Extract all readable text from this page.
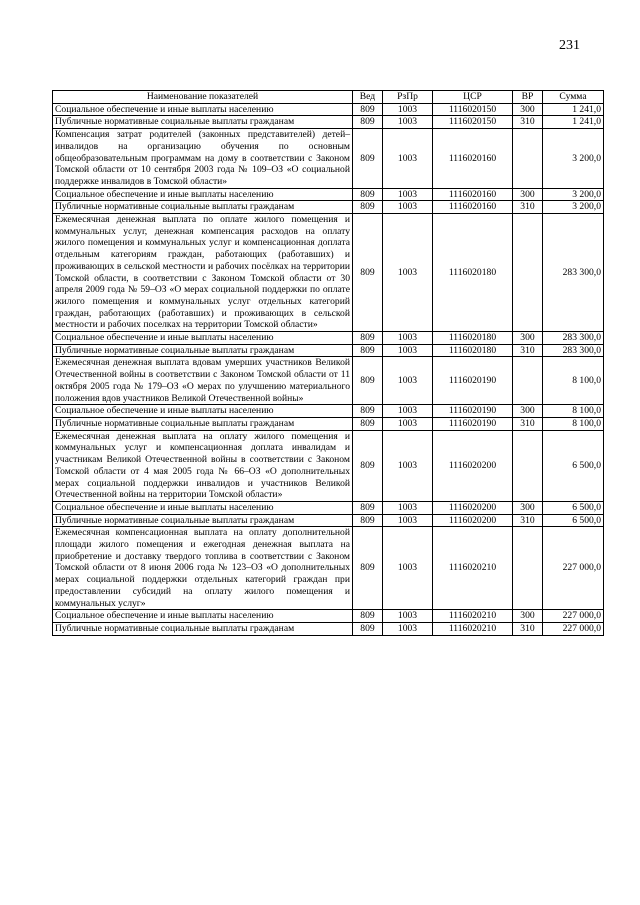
231
Наименование показателей	Вед	РзПр	ЦСР	ВР	Сумма
Социальное обеспечение и иные выплаты населению	809	1003	1116020150	300	1 241,0
Публичные нормативные социальные выплаты гражданам	809	1003	1116020150	310	1 241,0
Компенсация затрат родителей (законных представителей) детей–инвалидов на организацию обучения по основным общеобразовательным программам на дому в соответствии с Законом Томской области от 10 сентября 2003 года № 109–ОЗ «О социальной поддержке инвалидов в Томской области»	809	1003	1116020160		3 200,0
Социальное обеспечение и иные выплаты населению	809	1003	1116020160	300	3 200,0
Публичные нормативные социальные выплаты гражданам	809	1003	1116020160	310	3 200,0
Ежемесячная денежная выплата по оплате жилого помещения и коммунальных услуг, денежная компенсация расходов на оплату жилого помещения и коммунальных услуг и компенсационная доплата отдельным категориям граждан, работающих (работавших) и проживающих в сельской местности и рабочих посёлках на территории Томской области, в соответствии с Законом Томской области от 30 апреля 2009 года № 59–ОЗ «О мерах социальной поддержки по оплате жилого помещения и коммунальных услуг отдельных категорий граждан, работающих (работавших) и проживающих в сельской местности и рабочих поселках на территории Томской области»	809	1003	1116020180		283 300,0
Социальное обеспечение и иные выплаты населению	809	1003	1116020180	300	283 300,0
Публичные нормативные социальные выплаты гражданам	809	1003	1116020180	310	283 300,0
Ежемесячная денежная выплата вдовам умерших участников Великой Отечественной войны в соответствии с Законом Томской области от 11 октября 2005 года № 179–ОЗ «О мерах по улучшению материального положения вдов участников Великой Отечественной войны»	809	1003	1116020190		8 100,0
Социальное обеспечение и иные выплаты населению	809	1003	1116020190	300	8 100,0
Публичные нормативные социальные выплаты гражданам	809	1003	1116020190	310	8 100,0
Ежемесячная денежная выплата на оплату жилого помещения и коммунальных услуг и компенсационная доплата инвалидам и участникам Великой Отечественной войны в соответствии с Законом Томской области от 4 мая 2005 года № 66–ОЗ «О дополнительных мерах социальной поддержки инвалидов и участников Великой Отечественной войны на территории Томской области»	809	1003	1116020200		6 500,0
Социальное обеспечение и иные выплаты населению	809	1003	1116020200	300	6 500,0
Публичные нормативные социальные выплаты гражданам	809	1003	1116020200	310	6 500,0
Ежемесячная компенсационная выплата на оплату дополнительной площади жилого помещения и ежегодная денежная выплата на приобретение и доставку твердого топлива в соответствии с Законом Томской области от 8 июня 2006 года № 123–ОЗ «О дополнительных мерах социальной поддержки отдельных категорий граждан при предоставлении субсидий на оплату жилого помещения и коммунальных услуг»	809	1003	1116020210		227 000,0
Социальное обеспечение и иные выплаты населению	809	1003	1116020210	300	227 000,0
Публичные нормативные социальные выплаты гражданам	809	1003	1116020210	310	227 000,0
